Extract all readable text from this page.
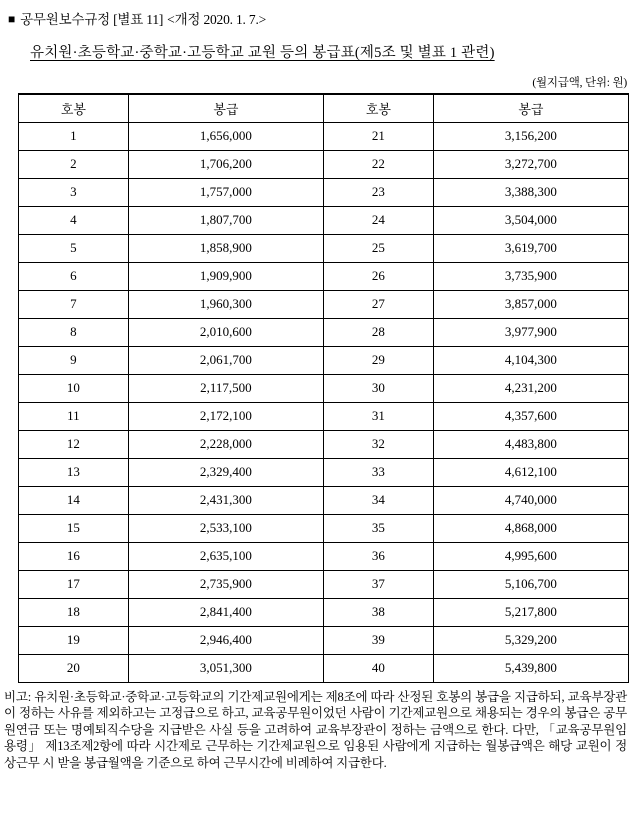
■ 공무원보수규정 [별표 11] <개정 2020. 1. 7.>
유치원·초등학교·중학교·고등학교 교원 등의 봉급표(제5조 및 별표 1 관련)
(월지급액, 단위: 원)
호봉	봉급	호봉	봉급
1	1,656,000	21	3,156,200
2	1,706,200	22	3,272,700
3	1,757,000	23	3,388,300
4	1,807,700	24	3,504,000
5	1,858,900	25	3,619,700
6	1,909,900	26	3,735,900
7	1,960,300	27	3,857,000
8	2,010,600	28	3,977,900
9	2,061,700	29	4,104,300
10	2,117,500	30	4,231,200
11	2,172,100	31	4,357,600
12	2,228,000	32	4,483,800
13	2,329,400	33	4,612,100
14	2,431,300	34	4,740,000
15	2,533,100	35	4,868,000
16	2,635,100	36	4,995,600
17	2,735,900	37	5,106,700
18	2,841,400	38	5,217,800
19	2,946,400	39	5,329,200
20	3,051,300	40	5,439,800
비고: 유치원·초등학교·중학교·고등학교의 기간제교원에게는 제8조에 따라 산정된 호봉의 봉급을 지급하되, 교육부장관이 정하는 사유를 제외하고는 고정급으로 하고, 교육공무원이었던 사람이 기간제교원으로 채용되는 경우의 봉급은 공무원연금 또는 명예퇴직수당을 지급받은 사실 등을 고려하여 교육부장관이 정하는 금액으로 한다. 다만, 「교육공무원임용령」 제13조제2항에 따라 시간제로 근무하는 기간제교원으로 임용된 사람에게 지급하는 월봉급액은 해당 교원이 정상근무 시 받을 봉급월액을 기준으로 하여 근무시간에 비례하여 지급한다.
